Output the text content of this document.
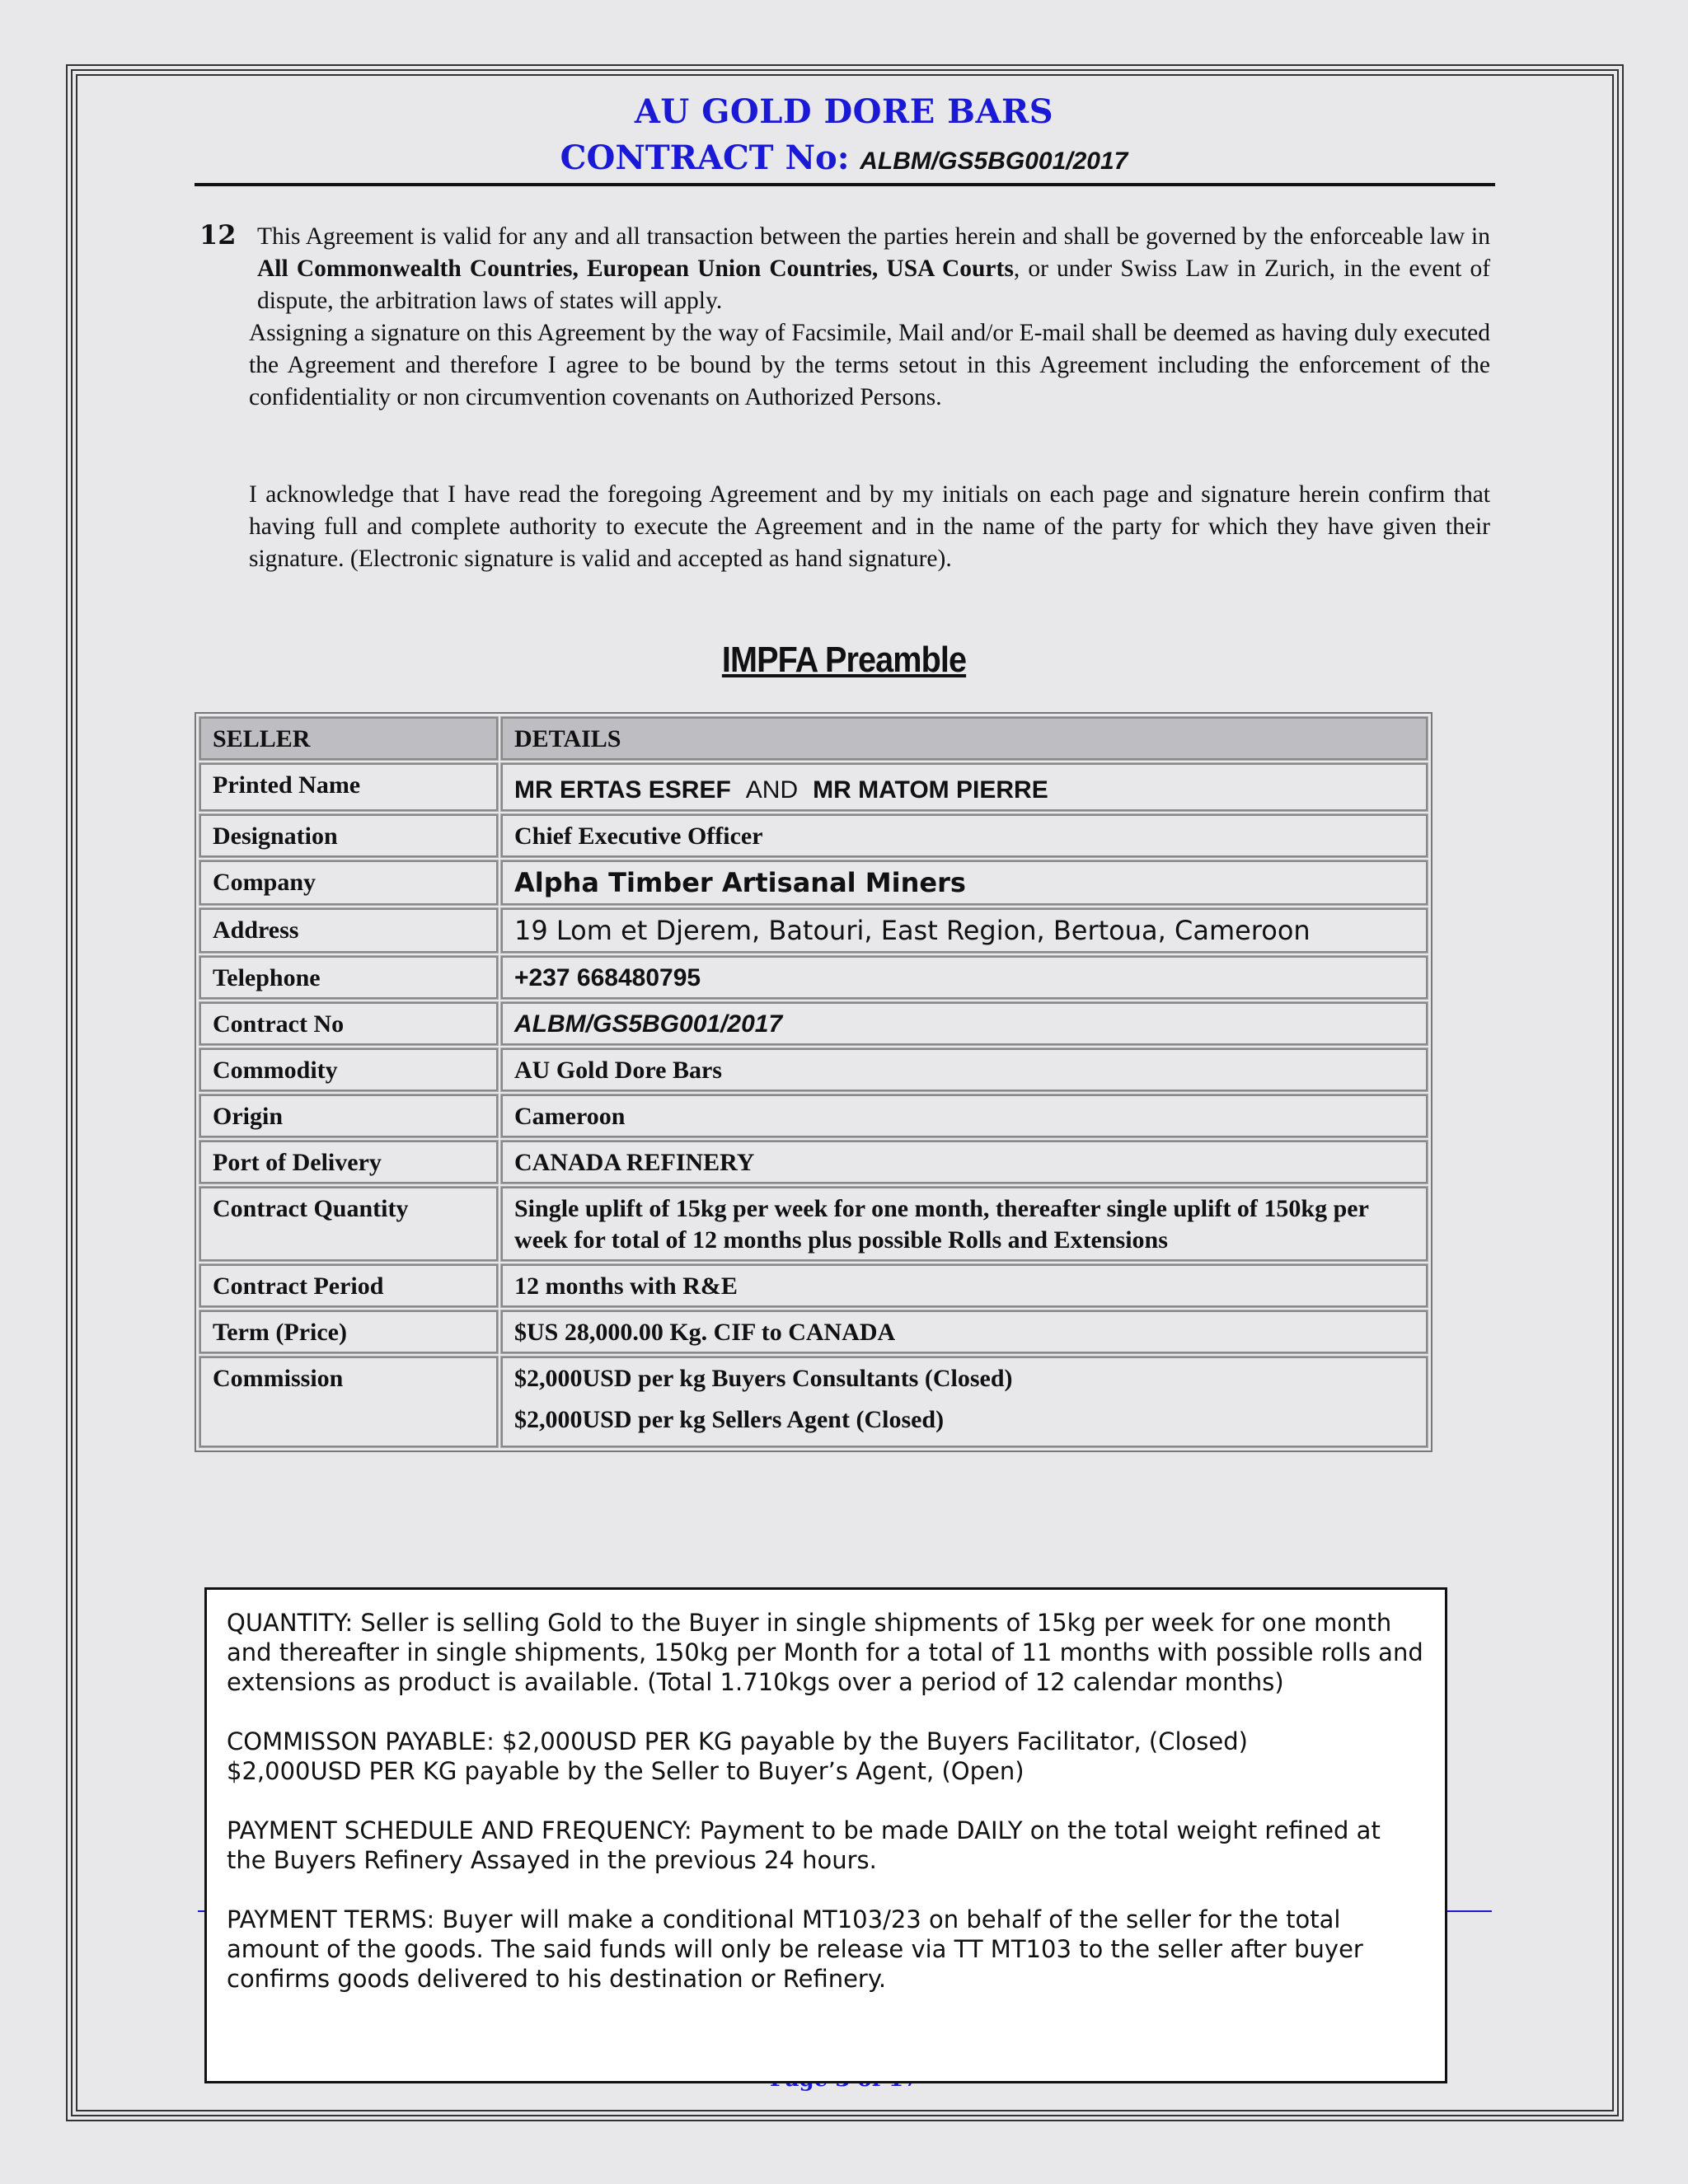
AU GOLD DORE BARS
CONTRACT No: ALBM/GS5BG001/2017
12 This Agreement is valid for any and all transaction between the parties herein and shall be governed by the enforceable law in All Commonwealth Countries, European Union Countries, USA Courts, or under Swiss Law in Zurich, in the event of dispute, the arbitration laws of states will apply.
Assigning a signature on this Agreement by the way of Facsimile, Mail and/or E-mail shall be deemed as having duly executed the Agreement and therefore I agree to be bound by the terms setout in this Agreement including the enforcement of the confidentiality or non circumvention covenants on Authorized Persons.
I acknowledge that I have read the foregoing Agreement and by my initials on each page and signature herein confirm that having full and complete authority to execute the Agreement and in the name of the party for which they have given their signature. (Electronic signature is valid and accepted as hand signature).
IMPFA Preamble
SELLER	DETAILS
Printed Name	MR ERTAS ESREF AND MR MATOM PIERRE
Designation	Chief Executive Officer
Company	Alpha Timber Artisanal Miners
Address	19 Lom et Djerem, Batouri, East Region, Bertoua, Cameroon
Telephone	+237 668480795
Contract No	ALBM/GS5BG001/2017
Commodity	AU Gold Dore Bars
Origin	Cameroon
Port of Delivery	CANADA REFINERY
Contract Quantity	Single uplift of 15kg per week for one month, thereafter single uplift of 150kg per week for total of 12 months plus possible Rolls and Extensions
Contract Period	12 months with R&E
Term (Price)	$US 28,000.00 Kg. CIF to CANADA
Commission	$2,000USD per kg Buyers Consultants (Closed)
$2,000USD per kg Sellers Agent (Closed)

QUANTITY: Seller is selling Gold to the Buyer in single shipments of 15kg per week for one month and thereafter in single shipments, 150kg per Month for a total of 11 months with possible rolls and extensions as product is available. (Total 1.710kgs over a period of 12 calendar months)

COMMISSON PAYABLE: $2,000USD PER KG payable by the Buyers Facilitator, (Closed)
$2,000USD PER KG payable by the Seller to Buyer’s Agent, (Open)

PAYMENT SCHEDULE AND FREQUENCY: Payment to be made DAILY on the total weight refined at the Buyers Refinery Assayed in the previous 24 hours.

PAYMENT TERMS: Buyer will make a conditional MT103/23 on behalf of the seller for the total amount of the goods. The said funds will only be release via TT MT103 to the seller after buyer confirms goods delivered to his destination or Refinery.
